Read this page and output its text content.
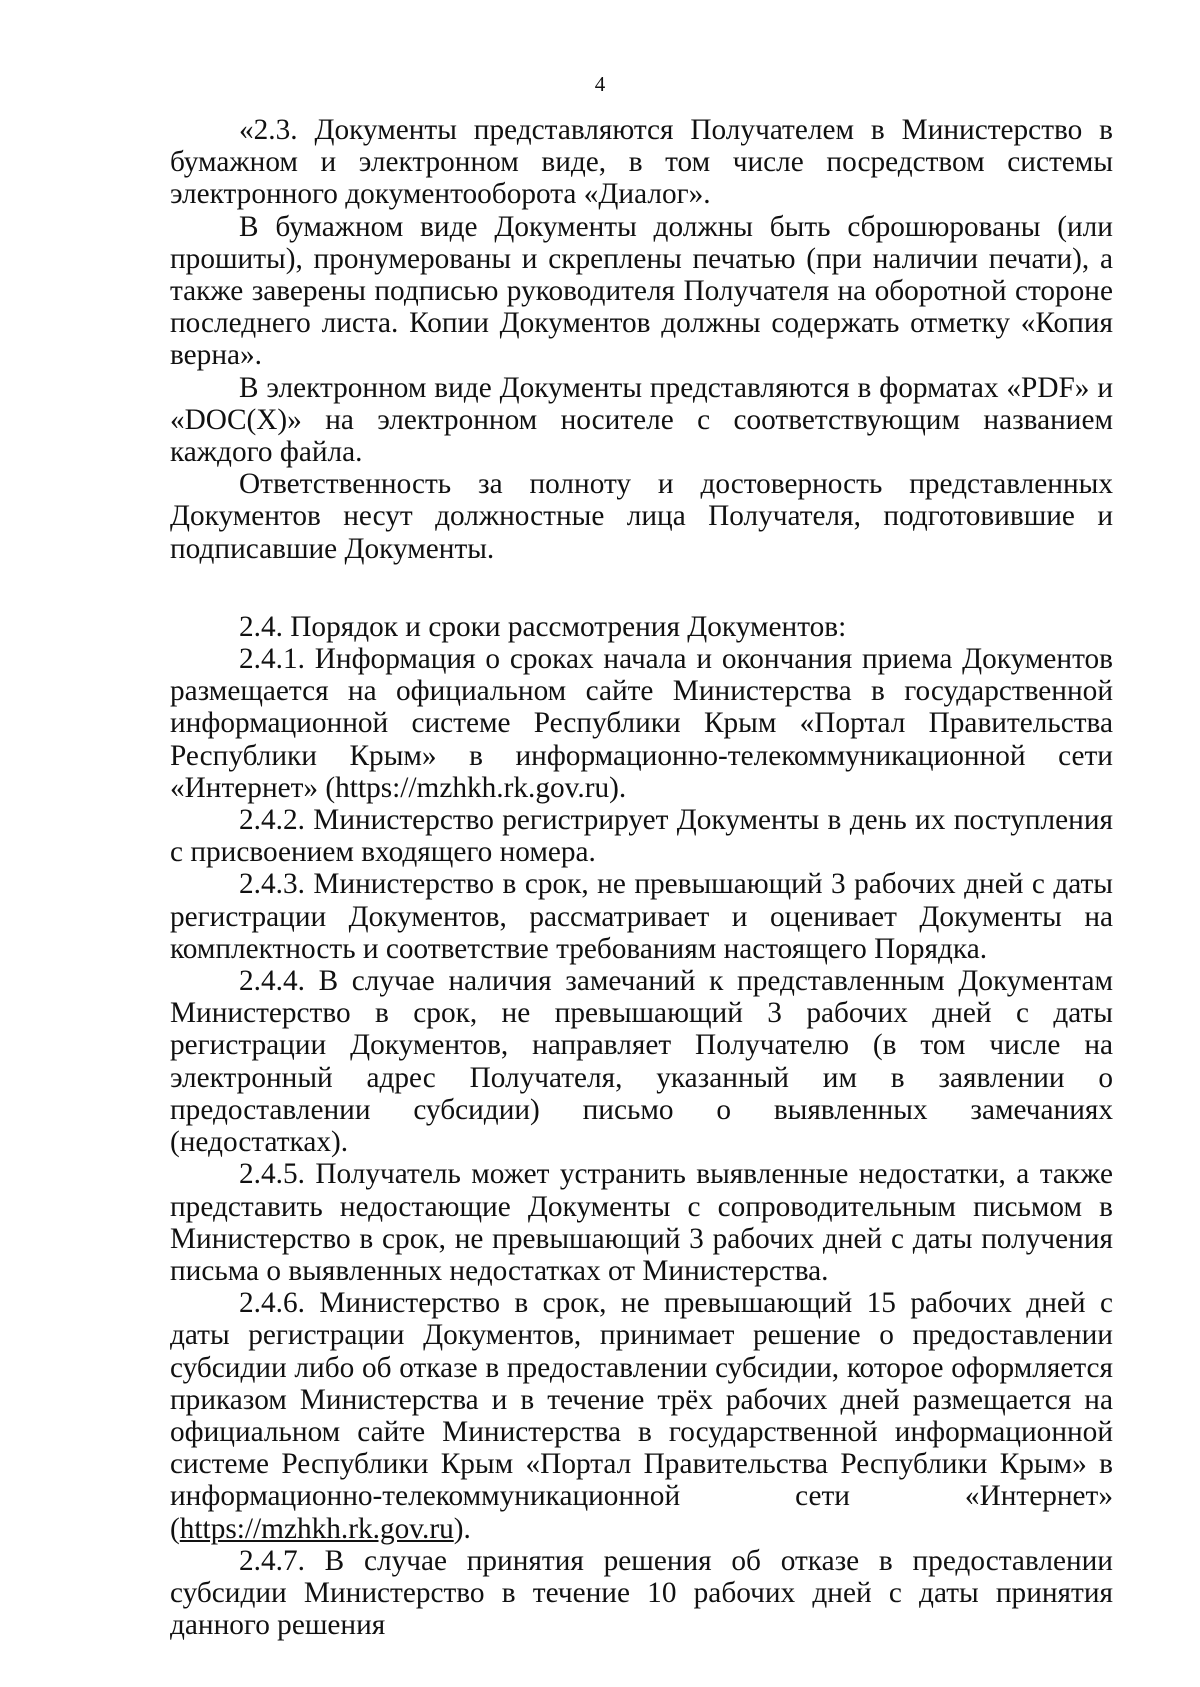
4

«2.3. Документы представляются Получателем в Министерство в бумажном и электронном виде, в том числе посредством системы электронного документооборота «Диалог».

В бумажном виде Документы должны быть сброшюрованы (или прошиты), пронумерованы и скреплены печатью (при наличии печати), а также заверены подписью руководителя Получателя на оборотной стороне последнего листа. Копии Документов должны содержать отметку «Копия верна».

В электронном виде Документы представляются в форматах «PDF» и «DOC(X)» на электронном носителе с соответствующим названием каждого файла.

Ответственность за полноту и достоверность представленных Документов несут должностные лица Получателя, подготовившие и подписавшие Документы.

2.4. Порядок и сроки рассмотрения Документов:

2.4.1. Информация о сроках начала и окончания приема Документов размещается на официальном сайте Министерства в государственной информационной системе Республики Крым «Портал Правительства Республики Крым» в информационно-телекоммуникационной сети «Интернет» (https://mzhkh.rk.gov.ru).

2.4.2. Министерство регистрирует Документы в день их поступления с присвоением входящего номера.

2.4.3. Министерство в срок, не превышающий 3 рабочих дней с даты регистрации Документов, рассматривает и оценивает Документы на комплектность и соответствие требованиям настоящего Порядка.

2.4.4. В случае наличия замечаний к представленным Документам Министерство в срок, не превышающий 3 рабочих дней с даты регистрации Документов, направляет Получателю (в том числе на электронный адрес Получателя, указанный им в заявлении о предоставлении субсидии) письмо о выявленных замечаниях (недостатках).

2.4.5. Получатель может устранить выявленные недостатки, а также представить недостающие Документы с сопроводительным письмом в Министерство в срок, не превышающий 3 рабочих дней с даты получения письма о выявленных недостатках от Министерства.

2.4.6. Министерство в срок, не превышающий 15 рабочих дней с даты регистрации Документов, принимает решение о предоставлении субсидии либо об отказе в предоставлении субсидии, которое оформляется приказом Министерства и в течение трёх рабочих дней размещается на официальном сайте Министерства в государственной информационной системе Республики Крым «Портал Правительства Республики Крым» в информационно-телекоммуникационной сети «Интернет» (https://mzhkh.rk.gov.ru).

2.4.7. В случае принятия решения об отказе в предоставлении субсидии Министерство в течение 10 рабочих дней с даты принятия данного решения
